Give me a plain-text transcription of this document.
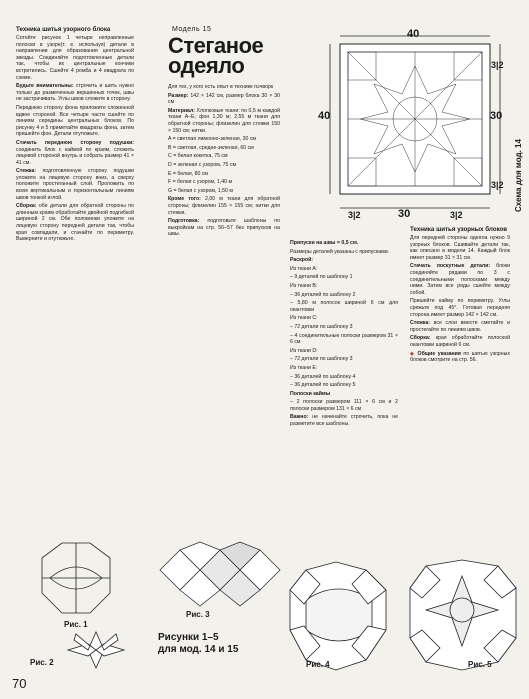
Техника шитья узорного блока

Сотейте рисунок 1 четыре неправленные полоски в узоре(т. е. используя) детали в направлении для образования центральной звезды. Соединяйте подготовленные детали так, чтобы их центральные кончики встретились. Сшейте 4 ромба и 4 квадрата по схеме.

Будьте внимательны: строчить и шить нужно только до размеченных вершинных точек, швы не застрачивать. Углы швов сложите в сторону.

Переднюю сторону фона приложите сложенной вдвое стороной. Все четыре части сшейте по линиям середины центральных блоков. По рисунку 4 и 5 приметайте квадраты фона, затем пришейте фон. Детали отутюжьте.

Стачать переднюю сторону подушки: соединить блок с каймой по краям, сложить лицевой стороной внутрь и собрать размер 41 × 41 см.

Стежка: подготовленную сторону подушки уложите на лицевую сторону вниз, а сверху положите простеганный слой. Проложить по всем вертикальным и горизонтальным линиям швов тонкой иглой.

Сборка: обе детали для обратной стороны по длинным краям обработайте двойной подгибкой шириной 2 см. Обе половинки уложите на лицевую сторону передней детали так, чтобы края совпадали, и стачайте по периметру. Выверните и отутюжьте.

Модель 15
Стеганое
одеяло

Для тех, у кого есть опыт в технике пэчворк

Размер: 142 × 142 см, размер блока 30 × 30 см

Материал: Хлопковые ткани: по 0,5 м каждой ткани А–Е; фон 1,30 м; 2,55 м ткани для обратной стороны; флизелин для стежки 150 × 150 см; нитки.

A = светлая лимонно-зеленая, 30 см

B = светлая, средне-зеленая, 60 см

C = белая кокетка, 75 см

D = зеленая с узором, 75 см

E = белая, 80 см

F = белая с узором, 1,40 м

G = белая с узором, 1,50 м

Кроме того: 2,00 м ткани для обратной стороны; флизелин 155 × 155 см; нитки для стежки.

Подготовка: подготовьте шаблоны по выкройкам на стр. 56–57 без припусков на швы.

40
40
3|2	30	3|2
3|2
30
3|2
Схема для мод. 14

Припуски на швы = 0,5 см.

Размеры деталей указаны с припусками.

Раскрой:

Из ткани А:

– 9 деталей по шаблону 1

Из ткани В:

– 36 деталей по шаблону 2

– 5,80 м полосок шириной 6 см для окантовки

Из ткани С:

– 72 детали по шаблону 3

– 4 соединительные полоски размером 31 × 6 см

Из ткани D:

– 72 детали по шаблону 3

Из ткани Е:

– 36 деталей по шаблону 4

– 36 деталей по шаблону 5

Полоски каймы

– 2 полоски размером 111 × 6 см и 2 полоски размером 131 × 6 см

Важно: не начинайте строчить, пока не разметите все шаблоны.

Техника шитья узорных блоков

Для передней стороны одеяла нужно 9 узорных блоков. Сшивайте детали так, как описано в модели 14. Каждый блок имеет размер 31 × 31 см.

Стачать лоскутные детали: блоки соединяйте рядами по 3 с соединительными полосками между ними. Затем все ряды сшейте между собой.

Пришейте кайму по периметру. Углы срежьте под 45°. Готовая передняя сторона имеет размер 142 × 142 см.

Стежка: все слои вместе сметайте и простегайте по линиям швов.

Сборка: края обработайте полоской окантовки шириной 6 см.

◆ Общие указания по шитью узорных блоков смотрите на стр. 56.

Рис. 1
Рис. 2
Рис. 3
Рисунки 1–5
для мод. 14 и 15
Рис. 4	Рис. 5
70
